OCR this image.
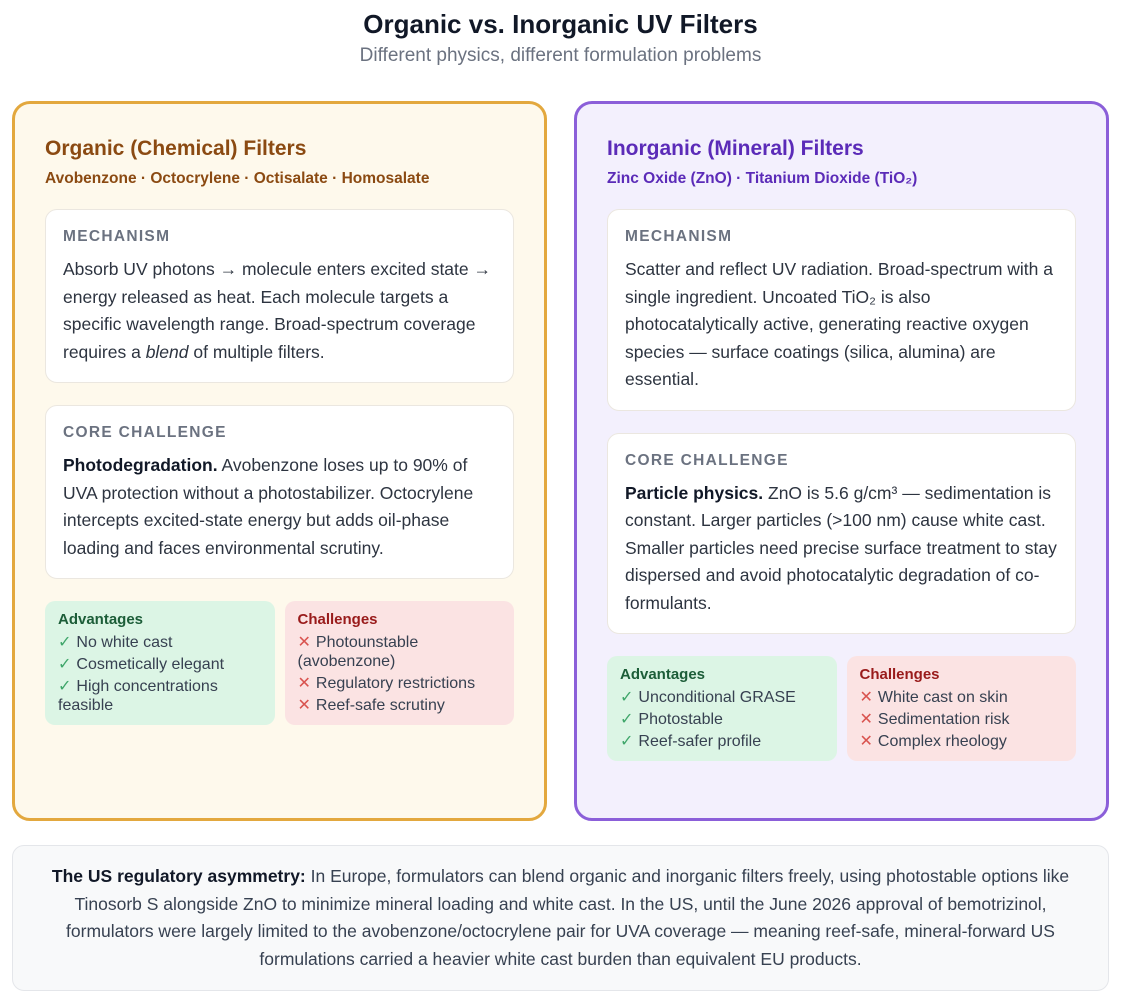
Organic vs. Inorganic UV Filters
Different physics, different formulation problems
Organic (Chemical) Filters
Avobenzone · Octocrylene · Octisalate · Homosalate
MECHANISM
Absorb UV photons → molecule enters excited state → energy released as heat. Each molecule targets a specific wavelength range. Broad-spectrum coverage requires a blend of multiple filters.
CORE CHALLENGE
Photodegradation. Avobenzone loses up to 90% of UVA protection without a photostabilizer. Octocrylene intercepts excited-state energy but adds oil-phase loading and faces environmental scrutiny.
Advantages
✓ No white cast
✓ Cosmetically elegant
✓ High concentrations feasible
Challenges
✕ Photounstable (avobenzone)
✕ Regulatory restrictions
✕ Reef-safe scrutiny
Inorganic (Mineral) Filters
Zinc Oxide (ZnO) · Titanium Dioxide (TiO₂)
MECHANISM
Scatter and reflect UV radiation. Broad-spectrum with a single ingredient. Uncoated TiO₂ is also photocatalytically active, generating reactive oxygen species — surface coatings (silica, alumina) are essential.
CORE CHALLENGE
Particle physics. ZnO is 5.6 g/cm³ — sedimentation is constant. Larger particles (>100 nm) cause white cast. Smaller particles need precise surface treatment to stay dispersed and avoid photocatalytic degradation of co-formulants.
Advantages
✓ Unconditional GRASE
✓ Photostable
✓ Reef-safer profile
Challenges
✕ White cast on skin
✕ Sedimentation risk
✕ Complex rheology
The US regulatory asymmetry: In Europe, formulators can blend organic and inorganic filters freely, using photostable options like Tinosorb S alongside ZnO to minimize mineral loading and white cast. In the US, until the June 2026 approval of bemotrizinol, formulators were largely limited to the avobenzone/octocrylene pair for UVA coverage — meaning reef-safe, mineral-forward US formulations carried a heavier white cast burden than equivalent EU products.
